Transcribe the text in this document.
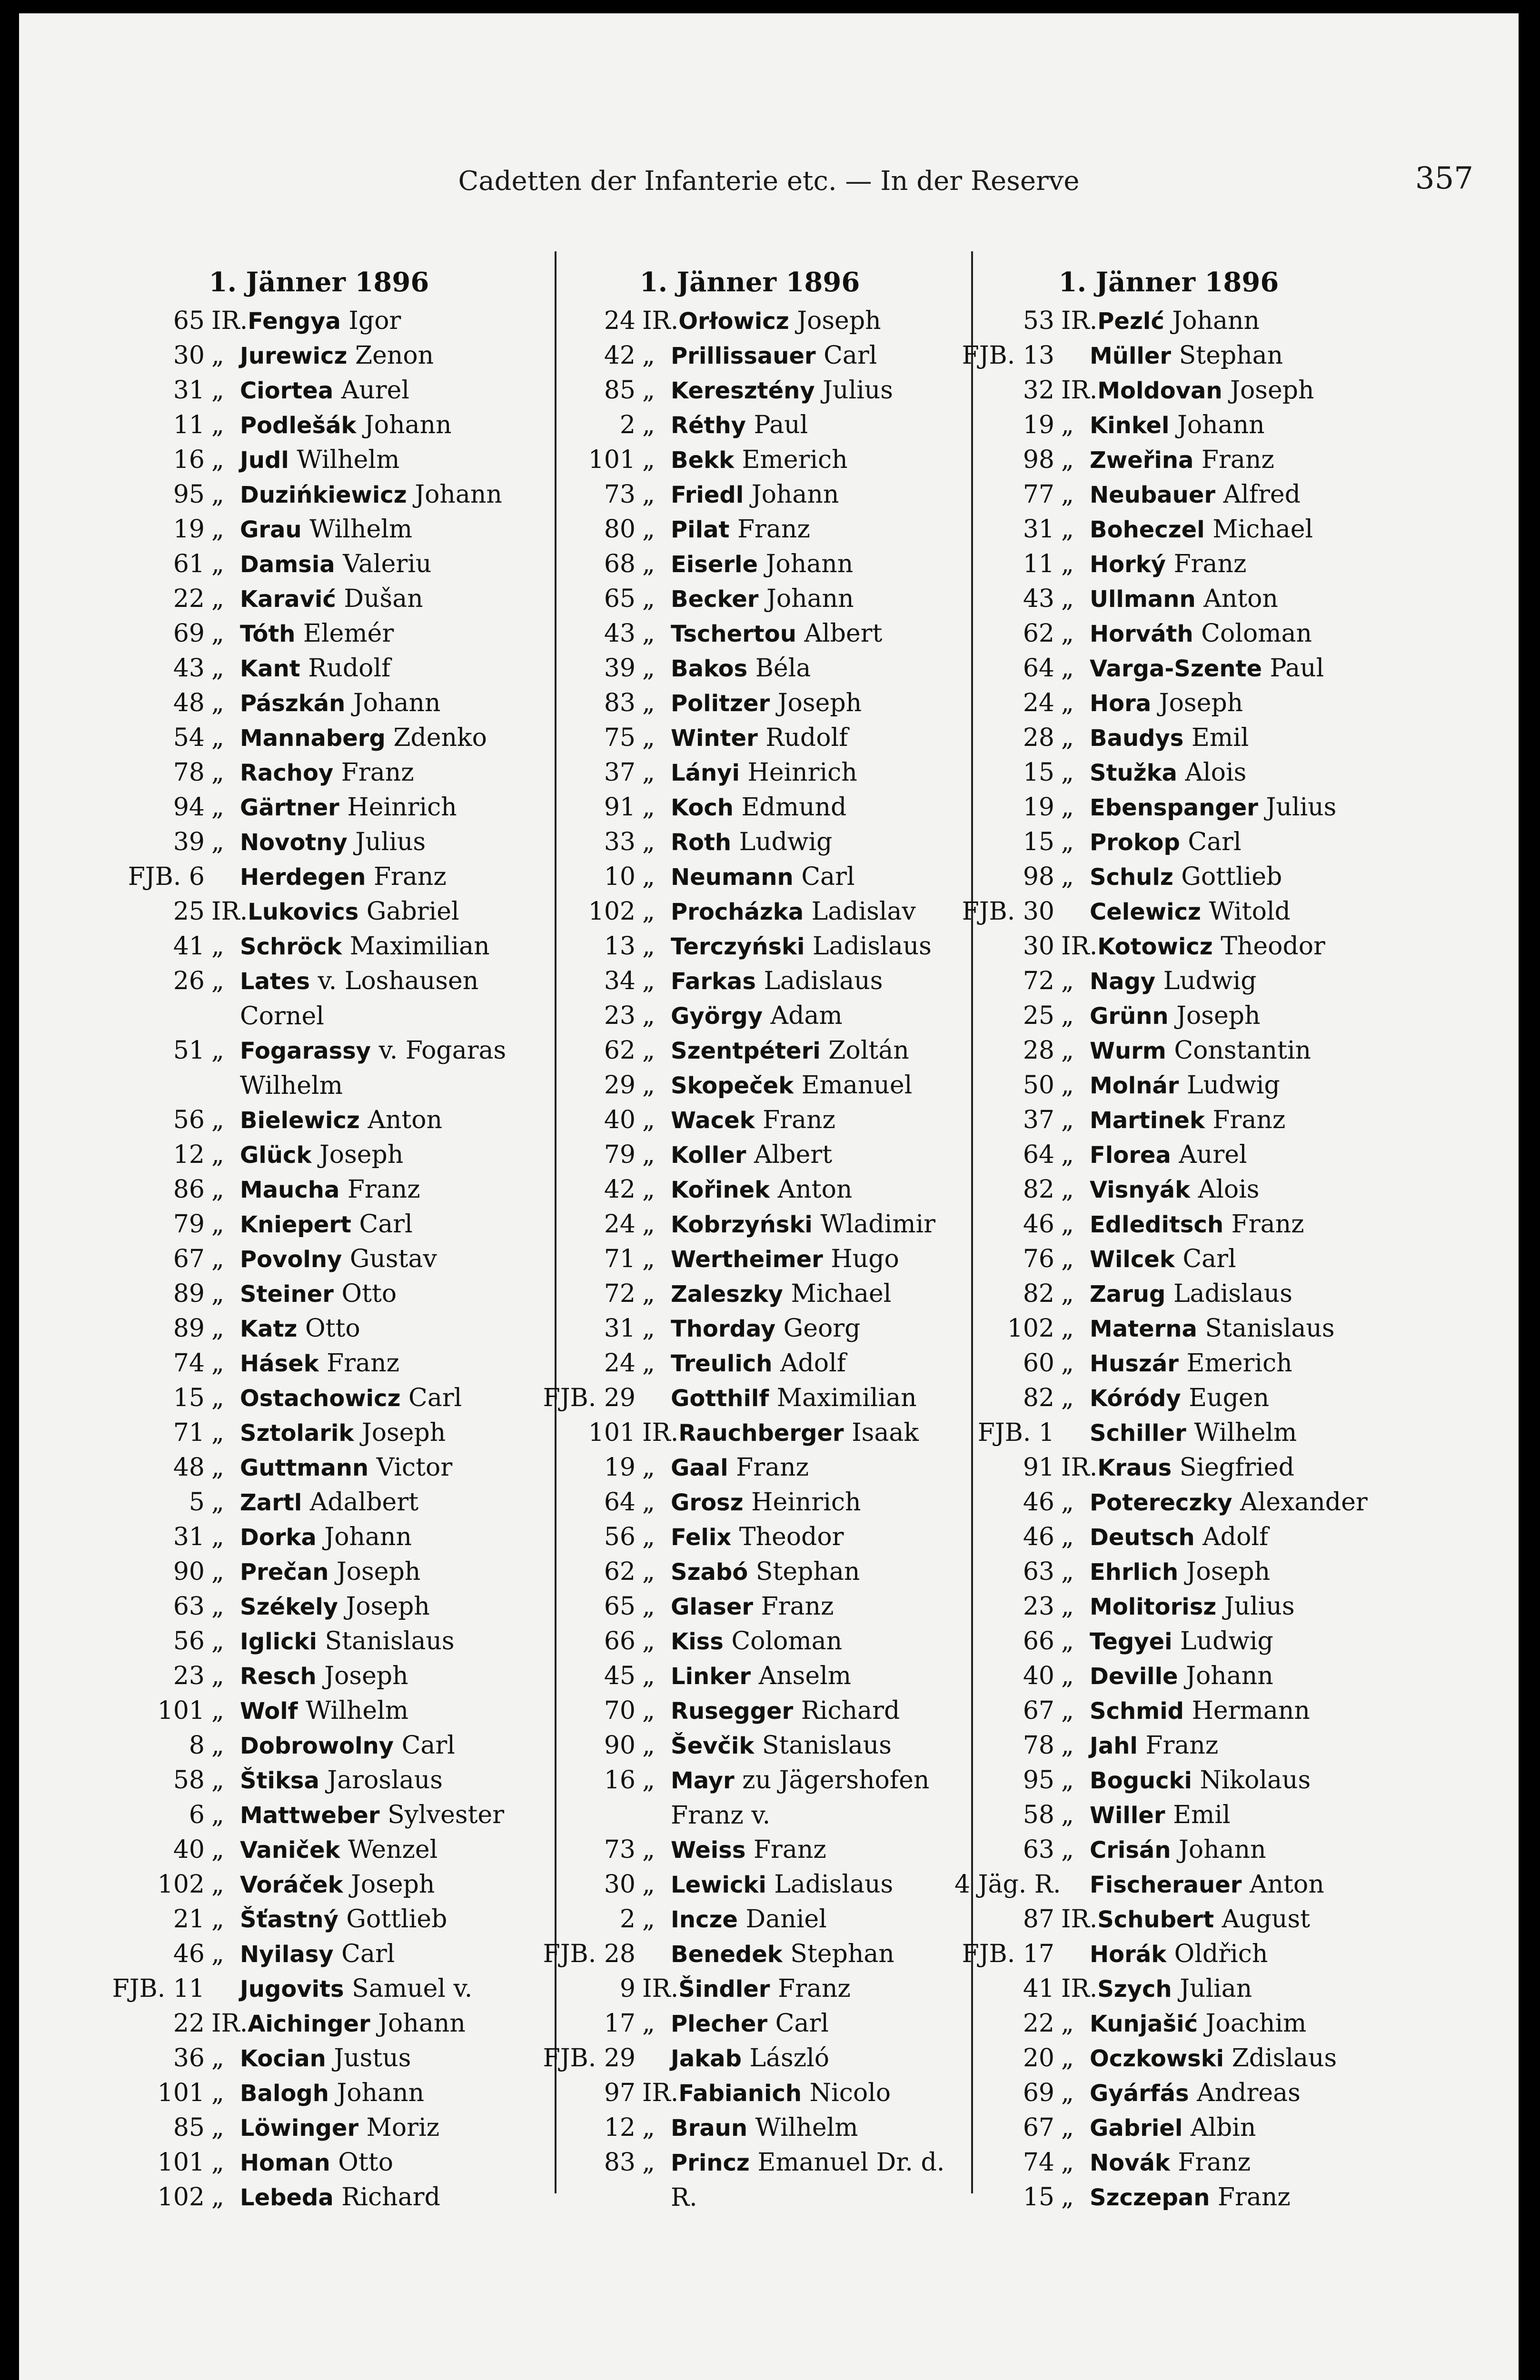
Cadetten der Infanterie etc. — In der Reserve	357
1. Jänner 1896
65 IR. Fengya Igor
30 „ Jurewicz Zenon
31 „ Ciortea Aurel
11 „ Podlešák Johann
16 „ Judl Wilhelm
95 „ Duzińkiewicz Johann
19 „ Grau Wilhelm
61 „ Damsia Valeriu
22 „ Karavić Dušan
69 „ Tóth Elemér
43 „ Kant Rudolf
48 „ Pászkán Johann
54 „ Mannaberg Zdenko
78 „ Rachoy Franz
94 „ Gärtner Heinrich
39 „ Novotny Julius
FJB. 6 Herdegen Franz
25 IR. Lukovics Gabriel
41 „ Schröck Maximilian
26 „ Lates v. Loshausen Cornel
51 „ Fogarassy v. Fogaras Wilhelm
56 „ Bielewicz Anton
12 „ Glück Joseph
86 „ Maucha Franz
79 „ Kniepert Carl
67 „ Povolny Gustav
89 „ Steiner Otto
89 „ Katz Otto
74 „ Hásek Franz
15 „ Ostachowicz Carl
71 „ Sztolarik Joseph
48 „ Guttmann Victor
5 „ Zartl Adalbert
31 „ Dorka Johann
90 „ Prečan Joseph
63 „ Székely Joseph
56 „ Iglicki Stanislaus
23 „ Resch Joseph
101 „ Wolf Wilhelm
8 „ Dobrowolny Carl
58 „ Štiksa Jaroslaus
6 „ Mattweber Sylvester
40 „ Vaniček Wenzel
102 „ Voráček Joseph
21 „ Šťastný Gottlieb
46 „ Nyilasy Carl
FJB. 11 Jugovits Samuel v.
22 IR. Aichinger Johann
36 „ Kocian Justus
101 „ Balogh Johann
85 „ Löwinger Moriz
101 „ Homan Otto
102 „ Lebeda Richard
1. Jänner 1896
24 IR. Orłowicz Joseph
42 „ Prillissauer Carl
85 „ Keresztény Julius
2 „ Réthy Paul
101 „ Bekk Emerich
73 „ Friedl Johann
80 „ Pilat Franz
68 „ Eiserle Johann
65 „ Becker Johann
43 „ Tschertou Albert
39 „ Bakos Béla
83 „ Politzer Joseph
75 „ Winter Rudolf
37 „ Lányi Heinrich
91 „ Koch Edmund
33 „ Roth Ludwig
10 „ Neumann Carl
102 „ Procházka Ladislav
13 „ Terczyński Ladislaus
34 „ Farkas Ladislaus
23 „ György Adam
62 „ Szentpéteri Zoltán
29 „ Skopeček Emanuel
40 „ Wacek Franz
79 „ Koller Albert
42 „ Kořinek Anton
24 „ Kobrzyński Wladimir
71 „ Wertheimer Hugo
72 „ Zaleszky Michael
31 „ Thorday Georg
24 „ Treulich Adolf
FJB. 29 Gotthilf Maximilian
101 IR. Rauchberger Isaak
19 „ Gaal Franz
64 „ Grosz Heinrich
56 „ Felix Theodor
62 „ Szabó Stephan
65 „ Glaser Franz
66 „ Kiss Coloman
45 „ Linker Anselm
70 „ Rusegger Richard
90 „ Ševčik Stanislaus
16 „ Mayr zu Jägershofen Franz v.
73 „ Weiss Franz
30 „ Lewicki Ladislaus
2 „ Incze Daniel
FJB. 28 Benedek Stephan
9 IR. Šindler Franz
17 „ Plecher Carl
FJB. 29 Jakab László
97 IR. Fabianich Nicolo
12 „ Braun Wilhelm
83 „ Princz Emanuel Dr. d. R.
1. Jänner 1896
53 IR. Pezlć Johann
FJB. 13 Müller Stephan
32 IR. Moldovan Joseph
19 „ Kinkel Johann
98 „ Zweřina Franz
77 „ Neubauer Alfred
31 „ Boheczel Michael
11 „ Horký Franz
43 „ Ullmann Anton
62 „ Horváth Coloman
64 „ Varga-Szente Paul
24 „ Hora Joseph
28 „ Baudys Emil
15 „ Stužka Alois
19 „ Ebenspanger Julius
15 „ Prokop Carl
98 „ Schulz Gottlieb
FJB. 30 Celewicz Witold
30 IR. Kotowicz Theodor
72 „ Nagy Ludwig
25 „ Grünn Joseph
28 „ Wurm Constantin
50 „ Molnár Ludwig
37 „ Martinek Franz
64 „ Florea Aurel
82 „ Visnyák Alois
46 „ Edleditsch Franz
76 „ Wilcek Carl
82 „ Zarug Ladislaus
102 „ Materna Stanislaus
60 „ Huszár Emerich
82 „ Kóródy Eugen
FJB. 1 Schiller Wilhelm
91 IR. Kraus Siegfried
46 „ Potereczky Alexander
46 „ Deutsch Adolf
63 „ Ehrlich Joseph
23 „ Molitorisz Julius
66 „ Tegyei Ludwig
40 „ Deville Johann
67 „ Schmid Hermann
78 „ Jahl Franz
95 „ Bogucki Nikolaus
58 „ Willer Emil
63 „ Crisán Johann
4 Jäg. R. Fischerauer Anton
87 IR. Schubert August
FJB. 17 Horák Oldřich
41 IR. Szych Julian
22 „ Kunjašić Joachim
20 „ Oczkowski Zdislaus
69 „ Gyárfás Andreas
67 „ Gabriel Albin
74 „ Novák Franz
15 „ Szczepan Franz
